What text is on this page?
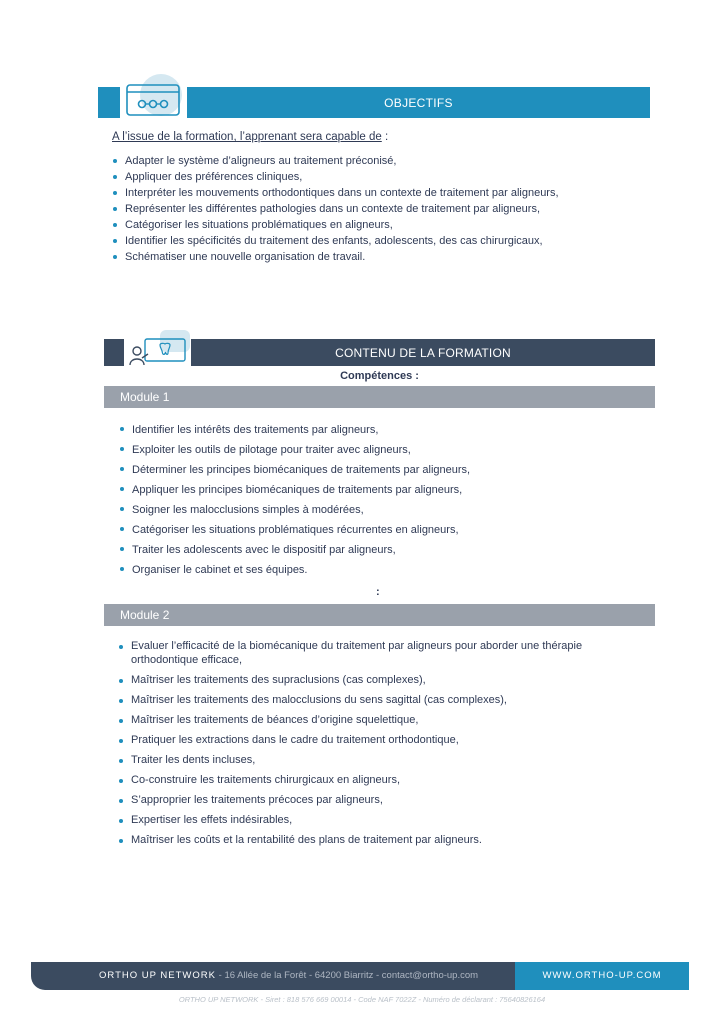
OBJECTIFS
A l’issue de la formation, l’apprenant sera capable de :
Adapter le système d’aligneurs au traitement préconisé,
Appliquer des préférences cliniques,
Interpréter les mouvements orthodontiques dans un contexte de traitement par aligneurs,
Représenter les différentes pathologies dans un contexte de traitement par aligneurs,
Catégoriser les situations problématiques en aligneurs,
Identifier les spécificités du traitement des enfants, adolescents, des cas chirurgicaux,
Schématiser une nouvelle organisation de travail.
CONTENU DE LA FORMATION
Compétences :
Module 1
Identifier les intérêts des traitements par aligneurs,
Exploiter les outils de pilotage pour traiter avec aligneurs,
Déterminer les principes biomécaniques de traitements par aligneurs,
Appliquer les principes biomécaniques de traitements par aligneurs,
Soigner les malocclusions simples à modérées,
Catégoriser les situations problématiques récurrentes en aligneurs,
Traiter les adolescents avec le dispositif par aligneurs,
Organiser le cabinet et ses équipes.
:
Module 2
Evaluer l’efficacité de la biomécanique du traitement par aligneurs pour aborder une thérapie orthodontique efficace,
Maîtriser les traitements des supraclusions (cas complexes),
Maîtriser les traitements des malocclusions du sens sagittal (cas complexes),
Maîtriser les traitements de béances d’origine squelettique,
Pratiquer les extractions dans le cadre du traitement orthodontique,
Traiter les dents incluses,
Co-construire les traitements chirurgicaux en aligneurs,
S’approprier les traitements précoces par aligneurs,
Expertiser les effets indésirables,
Maîtriser les coûts et la rentabilité des plans de traitement par aligneurs.
ORTHO UP NETWORK - 16 Allée de la Forêt - 64200 Biarritz - contact@ortho-up.com	WWW.ORTHO-UP.COM
ORTHO UP NETWORK - Siret : 818 576 669 00014 - Code NAF 7022Z - Numéro de déclarant : 75640826164
